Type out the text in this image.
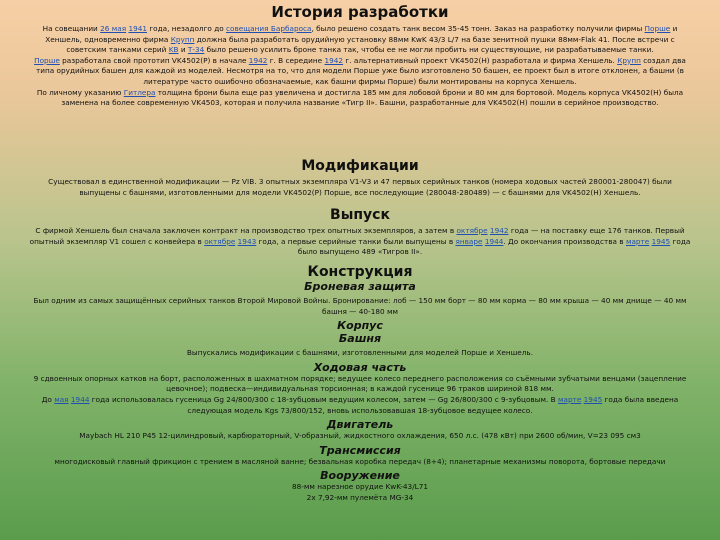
История разработки

На совещании 26 мая 1941 года, незадолго до совещания Барбароса, было решено создать танк весом 35-45 тонн. Заказ на разработку получили фирмы Порше и Хеншель, одновременно фирма Крупп должна была разработать орудийную установку 88мм KwK 43/3 L/7 на базе зенитной пушки 88мм-Flak 41. После встречи с советским танками серий KB и Т-34 было решено усилить броне танка так, чтобы ее не могли пробить ни существующие, ни разрабатываемые танки.

Порше разработала свой прототип VK4502(P) в начале 1942 г. В середине 1942 г. альтернативный проект VK4502(H) разработала и фирма Хеншель. Крупп создал два типа орудийных башен для каждой из моделей. Несмотря на то, что для модели Порше уже было изготовлено 50 башен, ее проект был в итоге отклонен, а башни (в литературе часто ошибочно обозначаемые, как башни фирмы Порше) были монтированы на корпуса Хеншель.

По личному указанию Гитлера толщина брони была еще раз увеличена и достигла 185 мм для лобовой брони и 80 мм для бортовой. Модель корпуса VK4502(H) была заменена на более современную VK4503, которая и получила название «Тигр II». Башни, разработанные для VK4502(H) пошли в серийное производство.

Модификации

Существовал в единственной модификации — Pz VIB. 3 опытных экземпляра V1-V3 и 47 первых серийных танков (номера ходовых частей 280001-280047) были выпущены с башнями, изготовленными для модели VK4502(P) Порше, все последующие (280048-280489) — с башнями для VK4502(H) Хеншель.

Выпуск

С фирмой Хеншель был сначала заключен контракт на производство трех опытных экземпляров, а затем в октябре 1942 года — на поставку еще 176 танков. Первый опытный экземпляр V1 сошел с конвейера в октябре 1943 года, а первые серийные танки были выпущены в январе 1944. До окончания производства в марте 1945 года было выпущено 489 «Тигров II».

Конструкция
Броневая защита

Был одним из самых защищённых серийных танков Второй Мировой Войны. Бронирование: лоб — 150 мм борт — 80 мм корма — 80 мм крыша — 40 мм днище — 40 мм башня — 40-180 мм

Корпус
Башня

Выпускались модификации с башнями, изготовленными для моделей Порше и Хеншель.

Ходовая часть

9 сдвоенных опорных катков на борт, расположенных в шахматном порядке; ведущее колесо переднего расположения со съёмными зубчатыми венцами (зацепление цевочное); подвеска—индивидуальная торсионная; в каждой гусенице 96 траков шириной 818 мм.

До мая 1944 года использовалась гусеница Gg 24/800/300 с 18-зубцовым ведущим колесом, затем — Gg 26/800/300 с 9-зубцовым. В марте 1945 года была введена следующая модель Kgs 73/800/152, вновь использовавшая 18-зубцовое ведущее колесо.

Двигатель

Maybach HL 210 P45 12-цилиндровый, карбюраторный, V-образный, жидкостного охлаждения, 650 л.с. (478 кВт) при 2600 об/мин, V=23 095 см3

Трансмиссия

многодисковый главный фрикцион с трением в масляной ванне; безвальная коробка передач (8+4); планетарные механизмы поворота, бортовые передачи

Вооружение

88-мм нарезное орудие KwK-43/L71

2х 7,92-мм пулемёта MG-34
